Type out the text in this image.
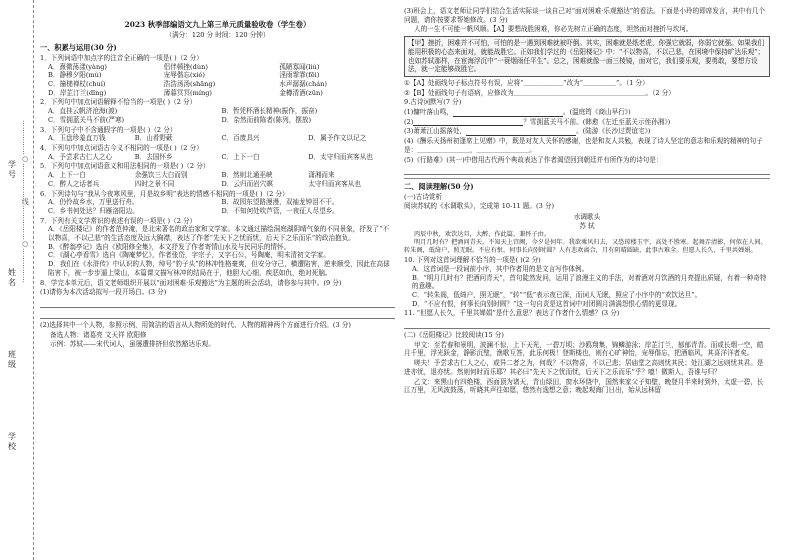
学号
姓名
班级
学校
……………○……………线……………○……………
2023 秋季部编语文九上第三单元质量验收卷（学生卷）
（满分：120 分 时间：120 分钟）
一、积累与运用(30 分)
1．下列词语中加点字的注音全正确的一项是( )（2 分）
A．熹微荡漾(yàng)	侣伴顿挫(dùn)	孤陋寡闻(liú)
B．静穆夕阳(mù)	宠辱偕忘(xié)	淫雨霏霏(fēi)
C．撞槌禅杖(chuí)	浩浩汤汤(shāng)	水声潺潺(chán)
D．岸芷汀兰(dīng)	薄暮冥冥(míng)	金樽清酒(zūn)
2．下列句中加点词语解释不恰当的一项是( )（2 分）
A．直挂云帆济沧海(渡)	B．暂凭杯酒长精神(振作，振奋)
C．雪拥蓝关马不前(严寒)	D．杂然而前陈者(陈列，摆放)
3．下列句子中不含通假字的一项是( )（2 分）
A．玉盘珍羞直万钱	B．山肴野蔌	C．百废具兴	D．属予作文以记之
4．下列句中加点词语古今义不相同的一项是( )（2 分）
A．予尝求古仁人之心	B．去国怀乡	C．上下一白	D．太守归而宾客从也
5．下列句中加点词语意义和用法相同的一项是( )（2 分）
A．上下一白	余强饮三大白而别	B．然则北通巫峡	潇湘而来
C．醉人之话者兵	四时之景不同	D．云归而岩穴暝	太守归而宾客从也
6．下列诗句与“我从今夜寒风里，月是故乡明”表达的情感不相同的一项是( )（2 分）
A．仍怜故乡水，万里送行舟。	B．故园东望路漫漫，双袖龙钟泪不干。
C．乡书何处达？归雁洛阳边。	D．不知何处吹芦管，一夜征人尽望乡。
7．下列有关文学常识的表述有误的一项是( )（2 分）
A．《岳阳楼记》的作者范仲淹，是北宋著名的政治家和文学家。本文通过描绘洞庭湖阴晴气象的不同景象，抒发了“不以物喜，不以己悲”的生活态度及远大胸襟，表达了作者“先天下之忧而忧，后天下之乐而乐”的政治抱负。
B．《醉翁亭记》选自《欧阳修全集》，本文抒发了作者寄情山水及与民同乐的情怀。
C．《湖心亭看雪》选自《陶庵梦忆》，作者张岱，字宗子，又字石公，号陶庵，明末清初文学家。
D．我们在《水浒传》中认识的人物，绰号“豹子头”的林冲性格豪爽，但安分守己，横遭陷害，逆来顺受，因此在高俅陷害下，被一步步逼上梁山，本篇课文描写林冲的结局在于，他胆大心细，疾恶如仇，绝对死脑。
8．学完本单元后，语文老师组织开展以“面对困难·乐观豁达”为主题的班会活动，请你参与其中。(9 分)
(1)请你为本次活动拟写一段开场白。(3 分)
(2)选择其中一个人物，参照示例，用简洁的语言从人物所处的时代、人物的精神两个方面进行介绍。(3 分)
备选人物：诸葛亮 文天祥 欧阳修
示例：苏轼——宋代词人，虽屡遭排挤但依然豁达乐观。
(3)班会上，语文老师让同学们结合生活实际谈一谈自己对“面对困难·乐观豁达”的看法。下面是小玲的即席发言，其中有几个问题，请你按要求帮她修改。(3 分)
人的一生不可能一帆风顺。【A】要想战胜困难，你必先树立正确的态度，坦然面对挫折与坎坷。
【甲】挫折，困难并不可怕，可怕的是一遇到困难就被吓倒。其实，困难就是纸老虎，你强它就弱，你弱它就强。如果我们能用积极的心态来面对，就能战胜它。正如我们学过的《岳阳楼记》中：“不以物喜，不以己悲，在困境中保持旷达乐观”；也如苏轼那样，在宦海浮沉中“一蓑烟雨任平生”。总之，困难就像一面三棱镜，面对它，我们要乐观，要勇敢，要想方设法，就一定能够战胜它。
①【A】处画线句子标点符号有误，应将“＿＿＿＿＿＿”改为“＿＿＿＿＿”。（1 分）
②【B】处画线句子有语病，应修改为＿＿＿＿＿＿＿＿＿＿＿＿＿＿＿＿＿＿＿＿。（2 分）
9.古诗词默写(7 分)
(1)慵叶落山鸣，	。(温庭筠《商山早行》)
(2)	？雪拥蓝关马不前。(韩愈《左迁至蓝关示侄孙湘》)
(3)萧萧江山摇落处，	。(陆游《长沙过贾谊宅》)
(4)《酬乐天扬州初逢席上见赠》中，既是对友人关怀的感谢，也是和友人共勉，表现了诗人坚定的意志和乐观的精神的句子是：＿＿＿＿＿＿＿＿，＿＿＿＿＿＿＿＿。
(5)《行路难》(其一)中借用古代两个典故表达了作者渴望回到朝廷并有所作为的诗句是：
二、阅读理解(50 分)
(一)古诗赏析
阅读苏轼的《水调歌头》，完成第 10-11 题。(3 分)
水调歌头
苏 轼
丙辰中秋，欢饮达旦，大醉，作此篇，兼怀子由。
明月几时有？把酒问青天。不知天上宫阙，今夕是何年。我欲乘风归去，又恐琼楼玉宇，高处不胜寒。起舞弄清影，何似在人间。 转朱阁，低绮户，照无眠。不应有恨，何事长向别时圆？人有悲欢离合，月有阴晴圆缺，此事古难全。但愿人长久，千里共婵娟。
10. 下列对这首词理解不恰当的一项是( )(2 分)
A．这首词是一段词前小序，其中作者用的是文言写作体例。
B．“明月几时有？把酒问青天”，首句陡然发问，运用了浪漫主义的手法，对着酒对月饮酒的月亮提出质疑，有着一种奇特的意趣。
C．“转朱阁，低绮户，照无眠”，“转”“低”表示夜已深，而词人无眠，照应了小序中的“欢饮达旦”。
D．“不应有恨，何事长向别时圆？”这一句自责是这首词中对团圆月满满怨恨心情的更显现。
11. “但愿人长久，千里共婵娟”是什么意思？表达了作者什么情感？(3 分)
(二)《岳阳楼记》比较阅读(15 分)
甲文：至若春和景明，波澜不惊，上下天光，一碧万顷；沙鸥翔集，锦鳞游泳；岸芷汀兰，郁郁青青。而或长烟一空，皓月千里，浮光跃金，静影沉璧，渔歌互答，此乐何极！登斯楼也，则有心旷神怡，宠辱偕忘，把酒临风，其喜洋洋者矣。
嗟夫！予尝求古仁人之心，或异二者之为，何哉？不以物喜，不以己悲；居庙堂之高则忧其民；处江湖之远则忧其君。是进亦忧，退亦忧。然则何时而乐耶？其必曰“先天下之忧而忧，后天下之乐而乐”乎？噫！微斯人，吾谁与归？
乙文：来黑山有四绝楼，西面顶为诸天，青山绿田，窗水环绕中，国然来家父子知壁，晚登月半来时到外，太虚一碧，长江万里，无风波鼓荡，听晓其声往如愿，悠然有逸想之意；晚起观海门日出，始从远林留
